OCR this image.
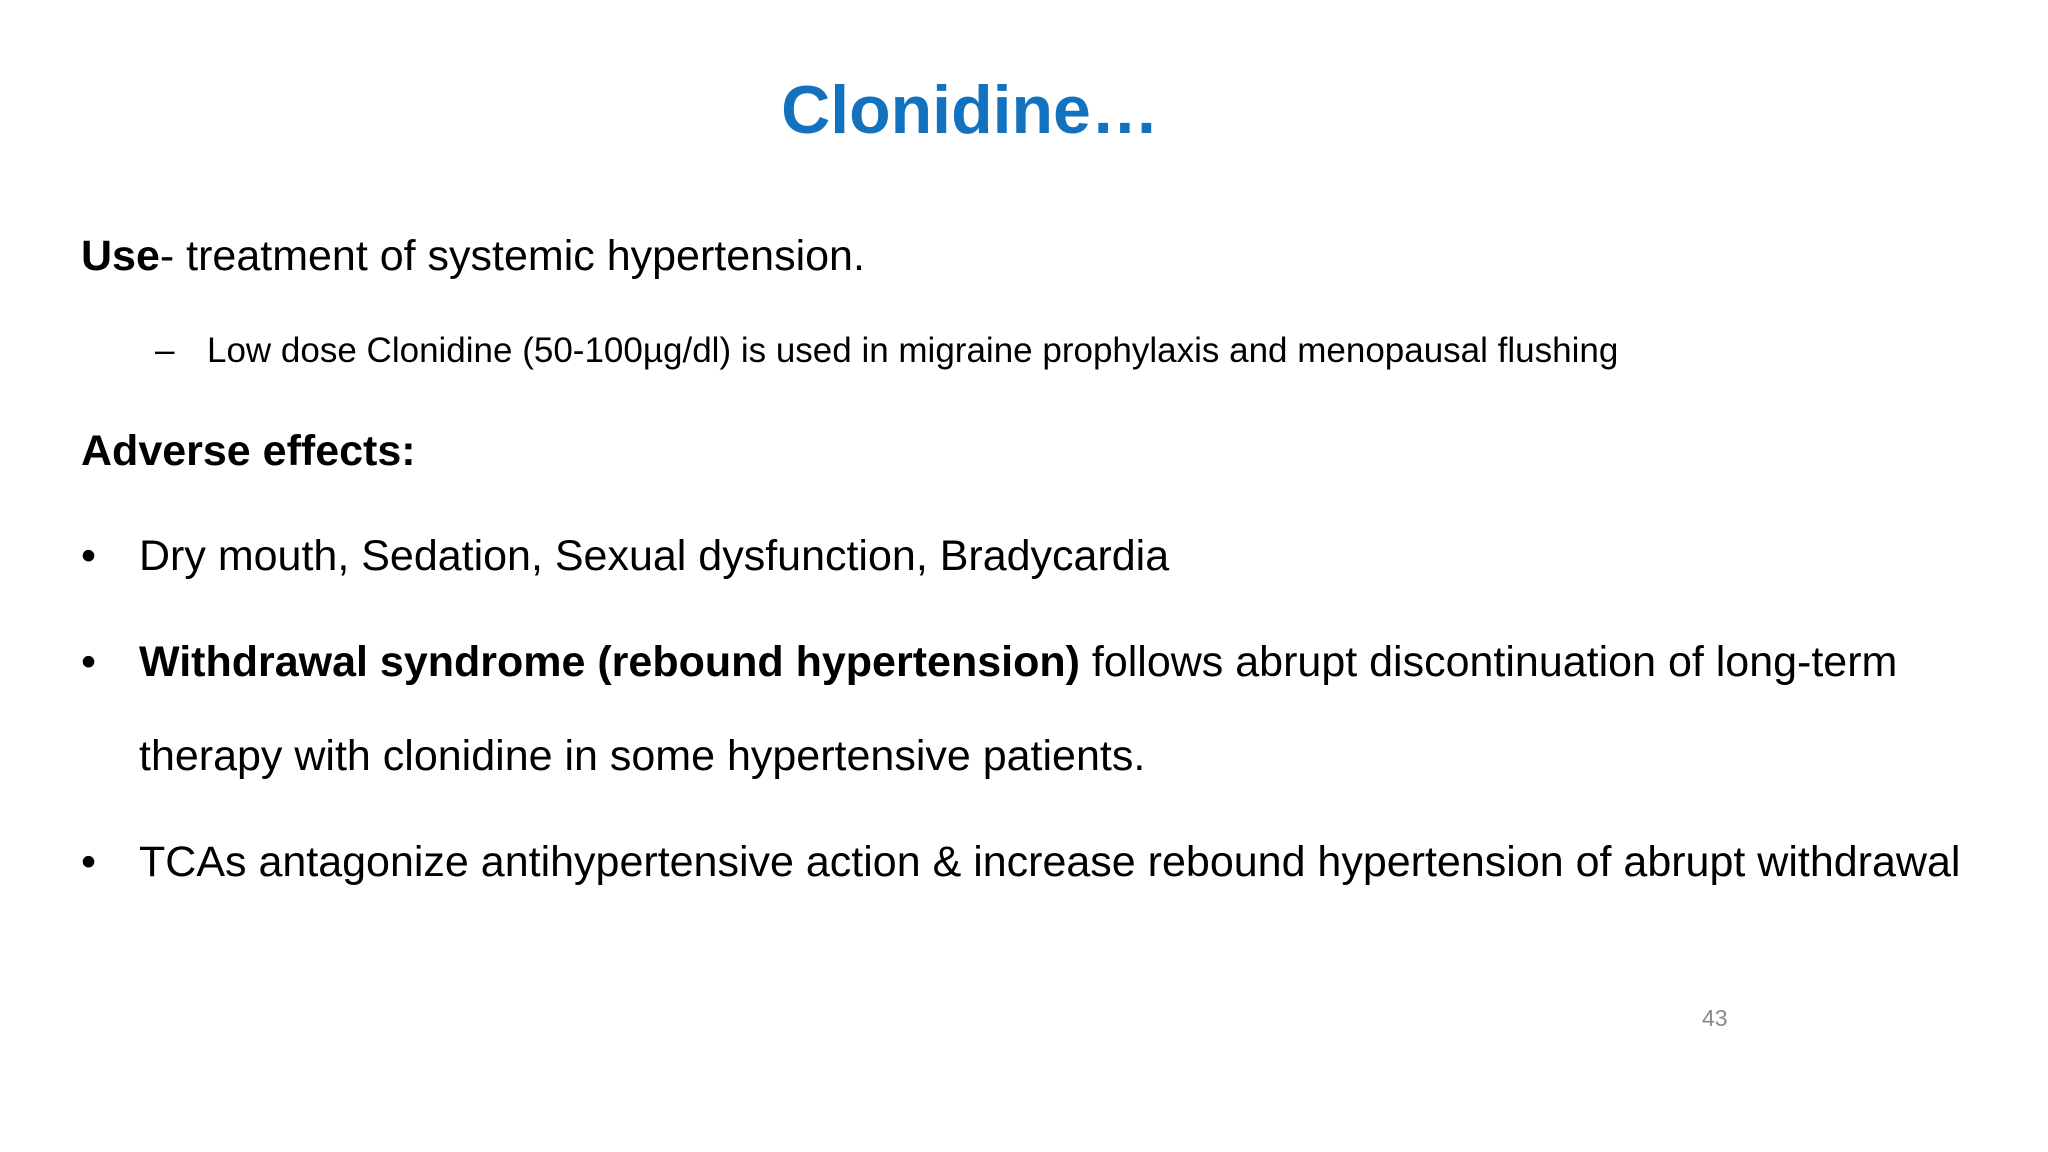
Clonidine…
Use- treatment of systemic hypertension.
– Low dose Clonidine (50-100µg/dl) is used in migraine prophylaxis and menopausal flushing
Adverse effects:
• Dry mouth, Sedation, Sexual dysfunction, Bradycardia
• Withdrawal syndrome (rebound hypertension) follows abrupt discontinuation of long-term therapy with clonidine in some hypertensive patients.
• TCAs antagonize antihypertensive action & increase rebound hypertension of abrupt withdrawal
43
